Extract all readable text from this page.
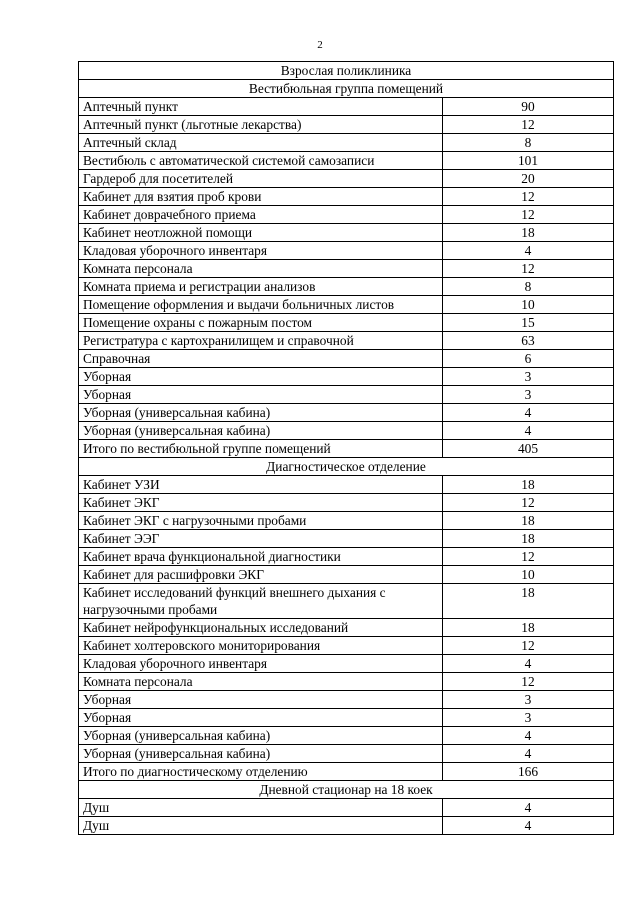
2
Взрослая поликлиника	
Вестибюльная группа помещений	
Аптечный пункт	90
Аптечный пункт (льготные лекарства)	12
Аптечный склад	8
Вестибюль с автоматической системой самозаписи	101
Гардероб для посетителей	20
Кабинет для взятия проб крови	12
Кабинет доврачебного приема	12
Кабинет неотложной помощи	18
Кладовая уборочного инвентаря	4
Комната персонала	12
Комната приема и регистрации анализов	8
Помещение оформления и выдачи больничных листов	10
Помещение охраны с пожарным постом	15
Регистратура с картохранилищем и справочной	63
Справочная	6
Уборная	3
Уборная	3
Уборная (универсальная кабина)	4
Уборная (универсальная кабина)	4
Итого по вестибюльной группе помещений	405
Диагностическое отделение	
Кабинет УЗИ	18
Кабинет ЭКГ	12
Кабинет ЭКГ с нагрузочными пробами	18
Кабинет ЭЭГ	18
Кабинет врача функциональной диагностики	12
Кабинет для расшифровки ЭКГ	10
Кабинет исследований функций внешнего дыхания с нагрузочными пробами	18
Кабинет нейрофункциональных исследований	18
Кабинет холтеровского мониторирования	12
Кладовая уборочного инвентаря	4
Комната персонала	12
Уборная	3
Уборная	3
Уборная (универсальная кабина)	4
Уборная (универсальная кабина)	4
Итого по диагностическому отделению	166
Дневной стационар на 18 коек	
Душ	4
Душ	4
